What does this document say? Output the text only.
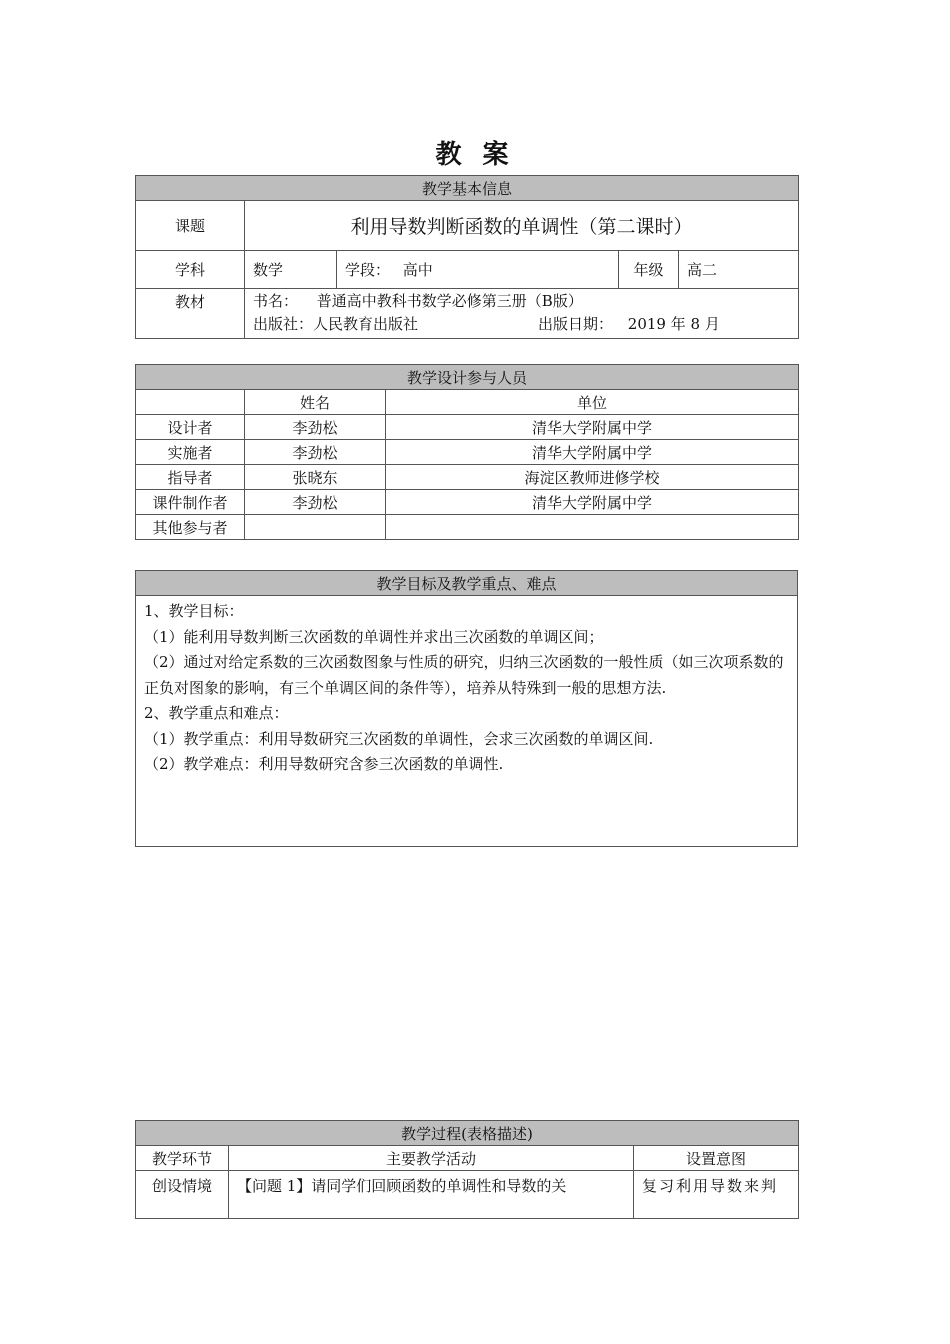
教 案
教学基本信息				
课题	利用导数判断函数的单调性（第二课时）			
学科	数学	学段： 高中	年级	高二
教材	书名： 普通高中教科书数学必修第三册（B版）
出版社：人民教育出版社 出版日期： 2019 年 8 月			
教学设计参与人员		
	姓名	单位
设计者	李劲松	清华大学附属中学
实施者	李劲松	清华大学附属中学
指导者	张晓东	海淀区教师进修学校
课件制作者	李劲松	清华大学附属中学
其他参与者		
教学目标及教学重点、难点

1、教学目标：
（1）能利用导数判断三次函数的单调性并求出三次函数的单调区间；
（2）通过对给定系数的三次函数图象与性质的研究，归纳三次函数的一般性质（如三次项系数的正负对图象的影响，有三个单调区间的条件等），培养从特殊到一般的思想方法.
2、教学重点和难点：
（1）教学重点：利用导数研究三次函数的单调性，会求三次函数的单调区间.
（2）教学难点：利用导数研究含参三次函数的单调性.
教学过程(表格描述)		
教学环节	主要教学活动	设置意图
创设情境	【问题 1】请同学们回顾函数的单调性和导数的关	复习利用导数来判
